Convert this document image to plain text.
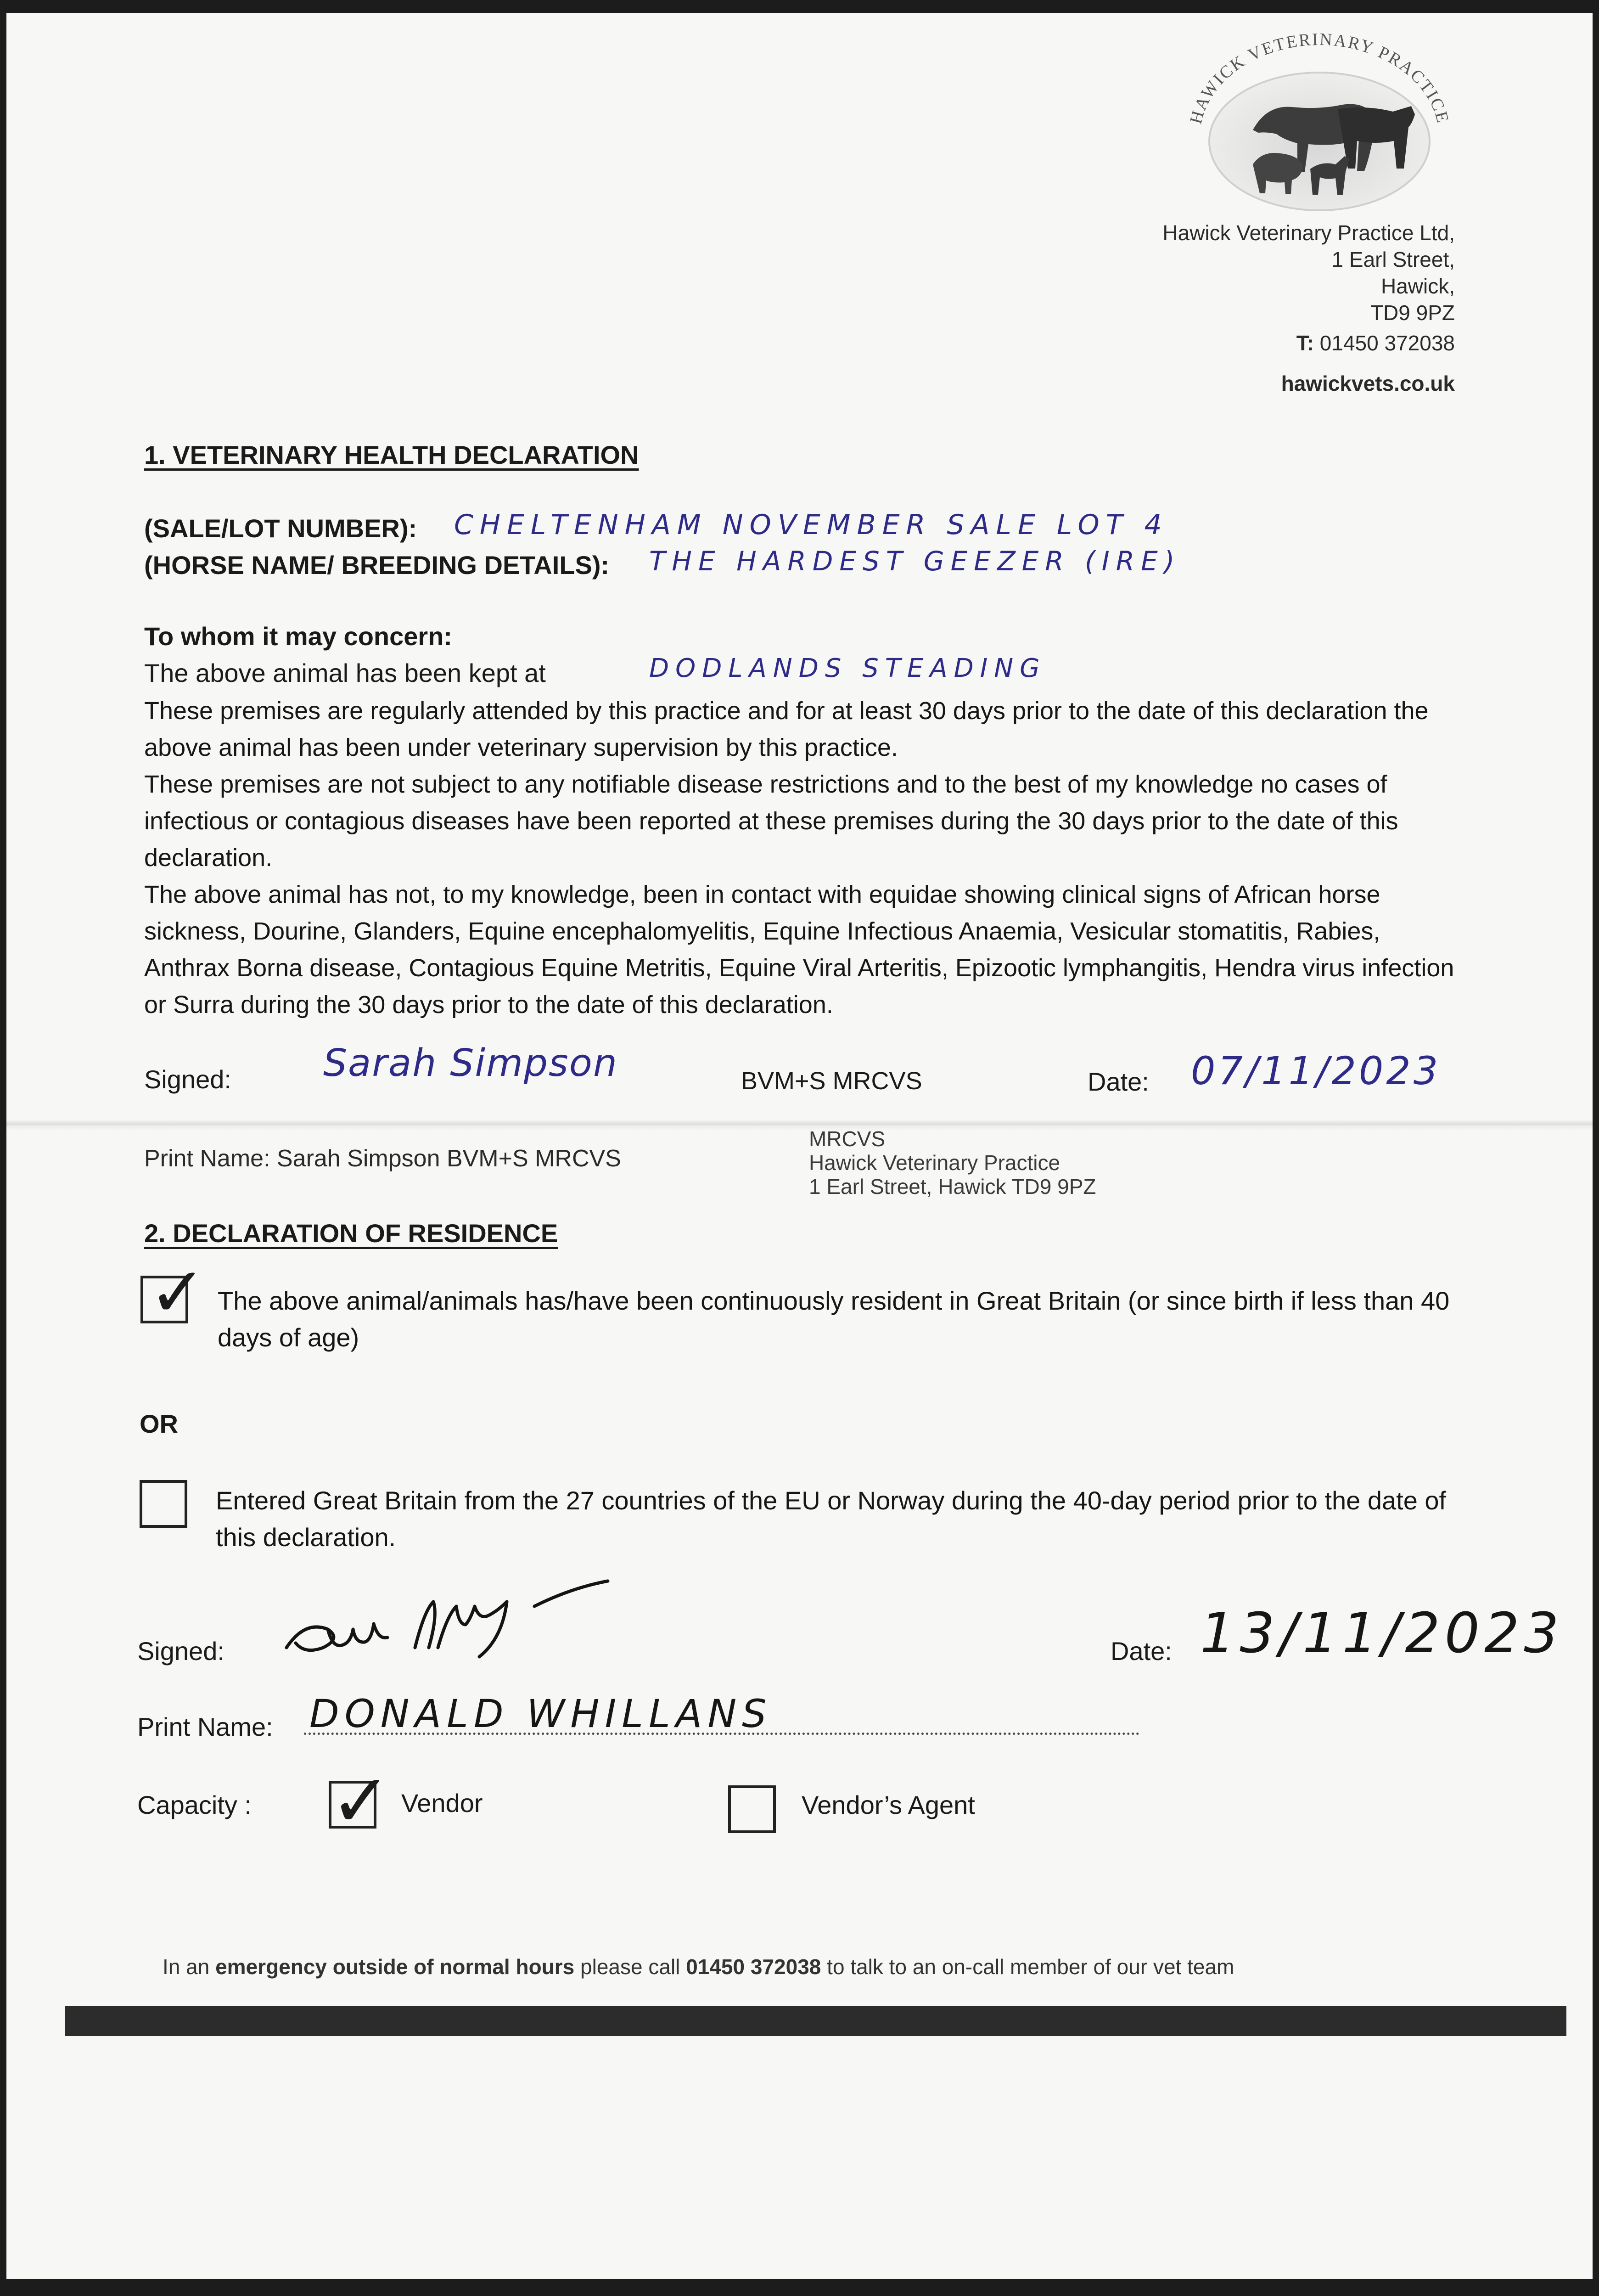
HAWICK VETERINARY PRACTICE
Hawick Veterinary Practice Ltd,
1 Earl Street,
Hawick,
TD9 9PZ
T: 01450 372038
hawickvets.co.uk
1. VETERINARY HEALTH DECLARATION
(SALE/LOT NUMBER): CHELTENHAM NOVEMBER SALE LOT 4
(HORSE NAME/ BREEDING DETAILS): THE HARDEST GEEZER (IRE)
To whom it may concern:
The above animal has been kept at	DODLANDS STEADING

These premises are regularly attended by this practice and for at least 30 days prior to the date of this declaration the above animal has been under veterinary supervision by this practice.

These premises are not subject to any notifiable disease restrictions and to the best of my knowledge no cases of infectious or contagious diseases have been reported at these premises during the 30 days prior to the date of this declaration.

The above animal has not, to my knowledge, been in contact with equidae showing clinical signs of African horse sickness, Dourine, Glanders, Equine encephalomyelitis, Equine Infectious Anaemia, Vesicular stomatitis, Rabies, Anthrax Borna disease, Contagious Equine Metritis, Equine Viral Arteritis, Epizootic lymphangitis, Hendra virus infection or Surra during the 30 days prior to the date of this declaration.

Signed: Sarah Simpson	BVM+S MRCVS	Date: 07/11/2023
Print Name: Sarah Simpson BVM+S MRCVS
MRCVS
Hawick Veterinary Practice
1 Earl Street, Hawick TD9 9PZ
2. DECLARATION OF RESIDENCE
✓ The above animal/animals has/have been continuously resident in Great Britain (or since birth if less than 40 days of age)
OR
Entered Great Britain from the 27 countries of the EU or Norway during the 40-day period prior to the date of this declaration.
Signed:	Date: 13/11/2023
Print Name: DONALD WHILLANS
Capacity : ✓ Vendor	Vendor’s Agent
In an emergency outside of normal hours please call 01450 372038 to talk to an on-call member of our vet team
